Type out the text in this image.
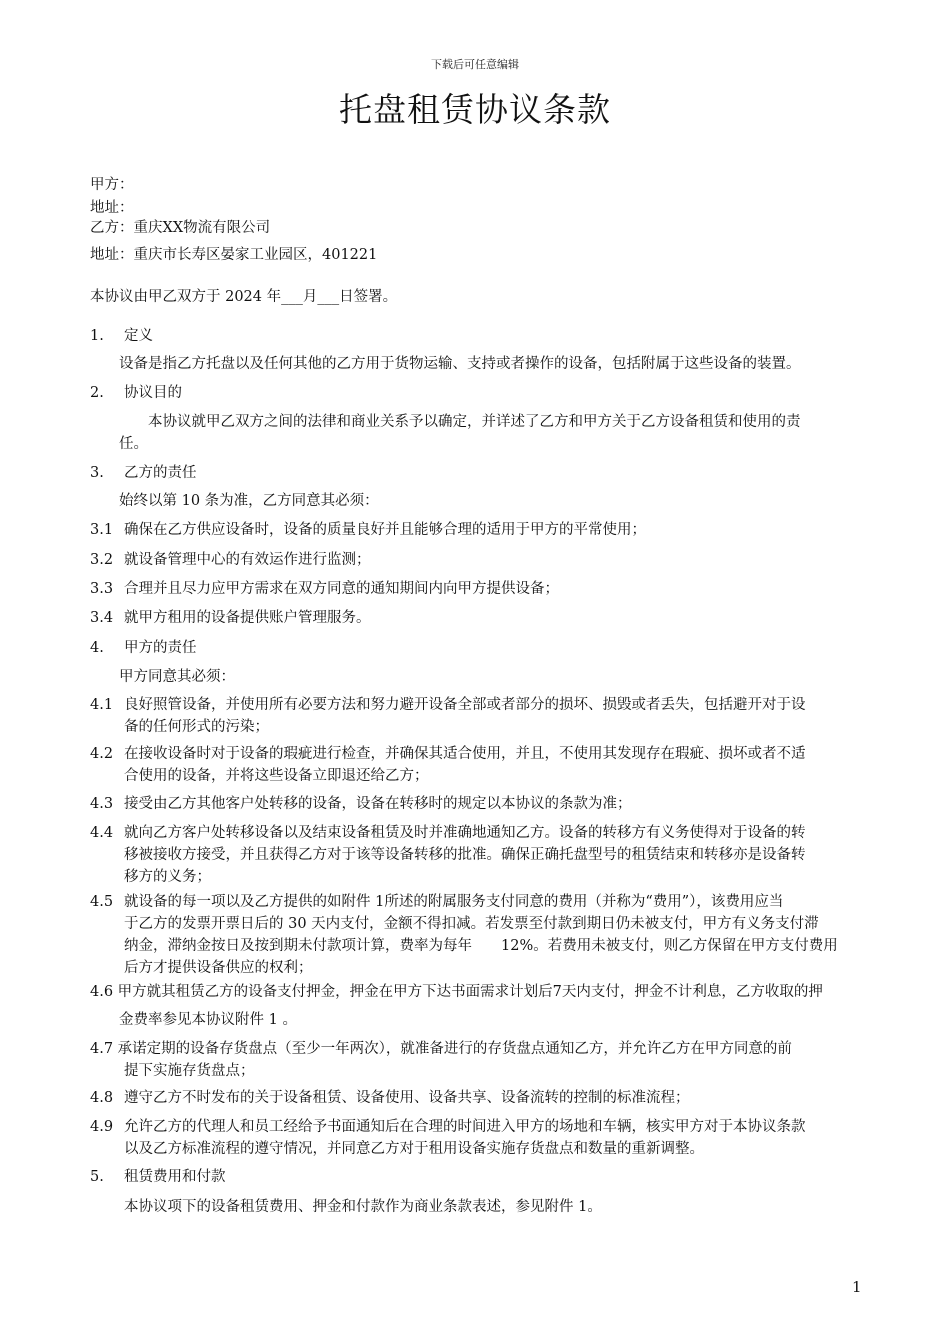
下载后可任意编辑
托盘租赁协议条款
甲方：
地址：
乙方：重庆XX物流有限公司
地址：重庆市长寿区晏家工业园区，401221
本协议由甲乙双方于 2024 年___月___日签署。
1. 定义
设备是指乙方托盘以及任何其他的乙方用于货物运输、支持或者操作的设备，包括附属于这些设备的装置。
2. 协议目的
本协议就甲乙双方之间的法律和商业关系予以确定，并详述了乙方和甲方关于乙方设备租赁和使用的责
任。
3. 乙方的责任
始终以第 10 条为准，乙方同意其必须：
3.1 确保在乙方供应设备时，设备的质量良好并且能够合理的适用于甲方的平常使用；
3.2 就设备管理中心的有效运作进行监测；
3.3 合理并且尽力应甲方需求在双方同意的通知期间内向甲方提供设备；
3.4 就甲方租用的设备提供账户管理服务。
4. 甲方的责任
甲方同意其必须：
4.1 良好照管设备，并使用所有必要方法和努力避开设备全部或者部分的损坏、损毁或者丢失，包括避开对于设
备的任何形式的污染；
4.2 在接收设备时对于设备的瑕疵进行检查，并确保其适合使用，并且，不使用其发现存在瑕疵、损坏或者不适
合使用的设备，并将这些设备立即退还给乙方；
4.3 接受由乙方其他客户处转移的设备，设备在转移时的规定以本协议的条款为准；
4.4 就向乙方客户处转移设备以及结束设备租赁及时并准确地通知乙方。设备的转移方有义务使得对于设备的转
移被接收方接受，并且获得乙方对于该等设备转移的批准。确保正确托盘型号的租赁结束和转移亦是设备转
移方的义务；
4.5 就设备的每一项以及乙方提供的如附件 1所述的附属服务支付同意的费用（并称为“费用”），该费用应当
于乙方的发票开票日后的 30 天内支付，金额不得扣减。若发票至付款到期日仍未被支付，甲方有义务支付滞
纳金，滞纳金按日及按到期未付款项计算，费率为每年　　12%。若费用未被支付，则乙方保留在甲方支付费用
后方才提供设备供应的权利；
4.6 甲方就其租赁乙方的设备支付押金，押金在甲方下达书面需求计划后7天内支付，押金不计利息，乙方收取的押
金费率参见本协议附件 1 。
4.7 承诺定期的设备存货盘点（至少一年两次），就准备进行的存货盘点通知乙方，并允许乙方在甲方同意的前
提下实施存货盘点；
4.8 遵守乙方不时发布的关于设备租赁、设备使用、设备共享、设备流转的控制的标准流程；
4.9 允许乙方的代理人和员工经给予书面通知后在合理的时间进入甲方的场地和车辆，核实甲方对于本协议条款
以及乙方标准流程的遵守情况，并同意乙方对于租用设备实施存货盘点和数量的重新调整。
5. 租赁费用和付款
本协议项下的设备租赁费用、押金和付款作为商业条款表述，参见附件 1。
1
